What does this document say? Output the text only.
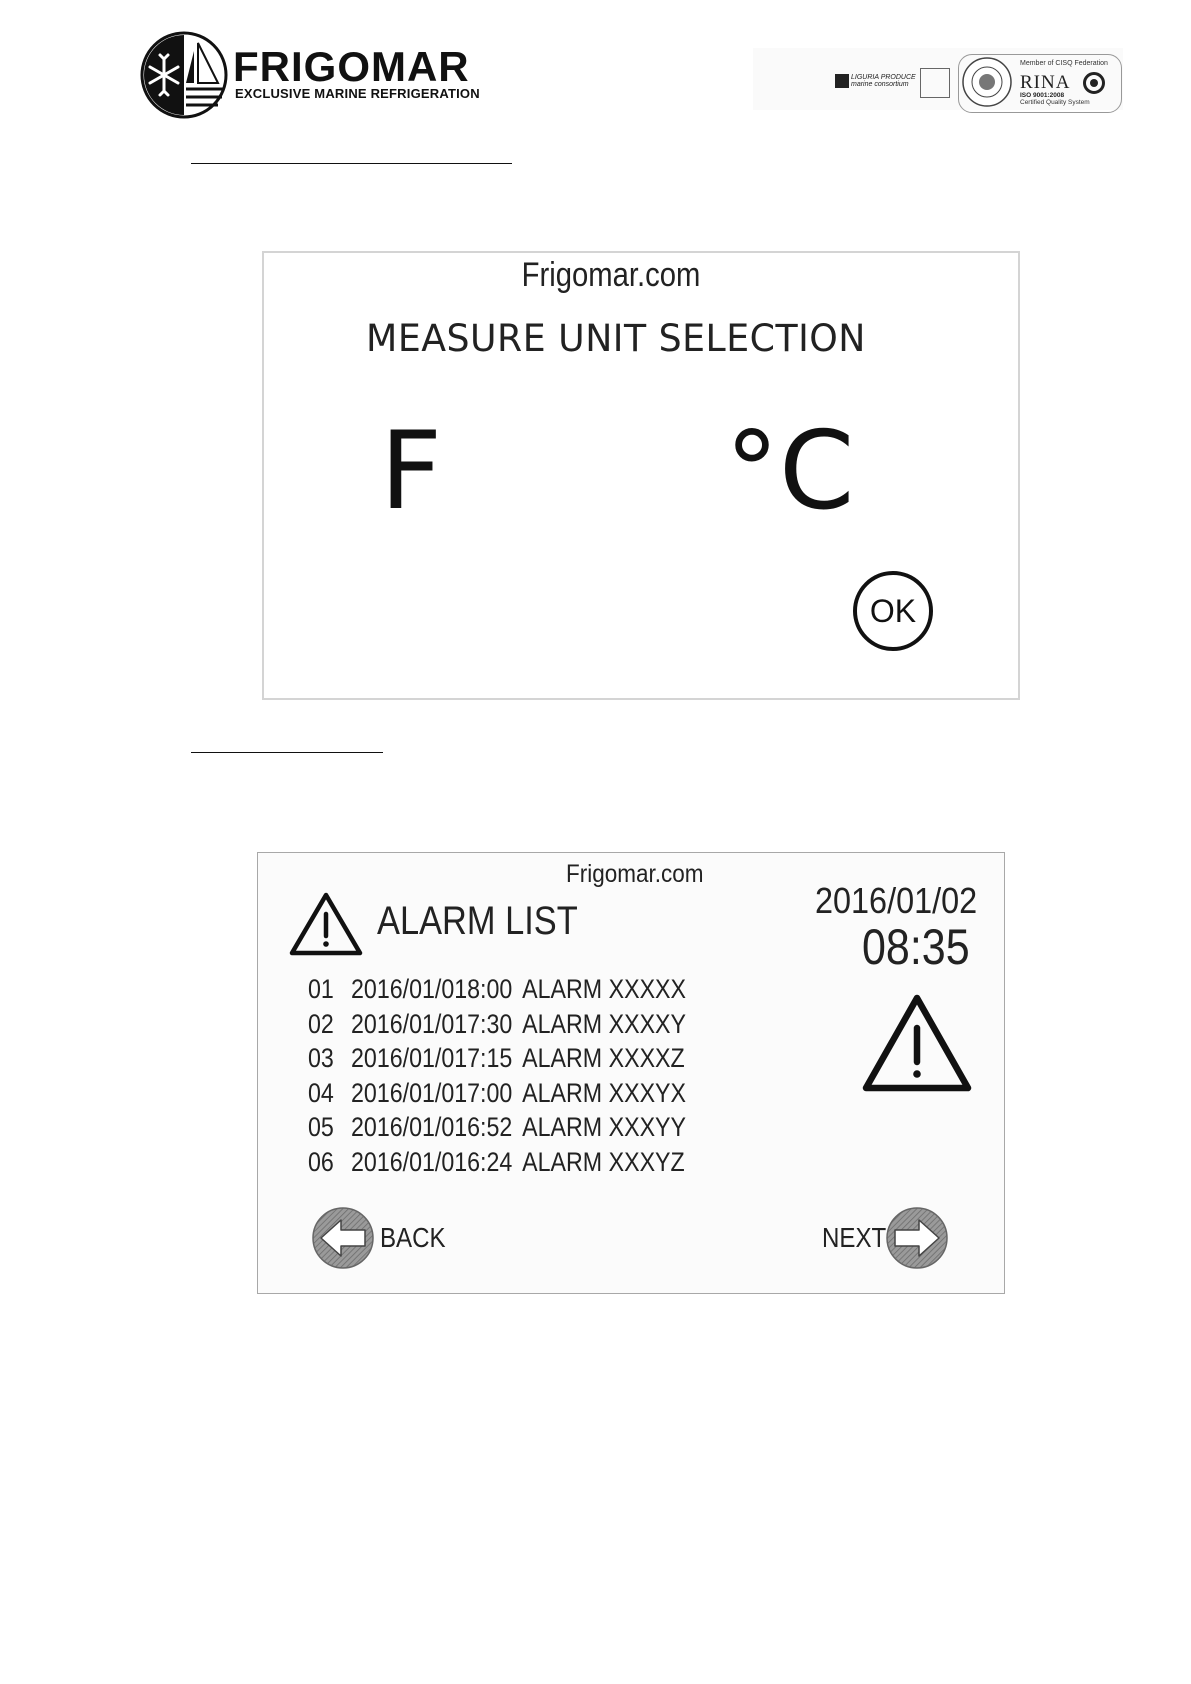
FRIGOMAR
EXCLUSIVE MARINE REFRIGERATION
LIGURIA PRODUCE
marine consortium
Member of CISQ Federation
RINA
ISO 9001:2008
Certified Quality System
Frigomar.com
MEASURE UNIT SELECTION
F	°C
OK
Frigomar.com
ALARM LIST	2016/01/02
08:35
01 2016/01/01 8:00 ALARM XXXXX
02 2016/01/01 7:30 ALARM XXXXY
03 2016/01/01 7:15 ALARM XXXXZ
04 2016/01/01 7:00 ALARM XXXYX
05 2016/01/01 6:52 ALARM XXXYY
06 2016/01/01 6:24 ALARM XXXYZ
BACK	NEXT
